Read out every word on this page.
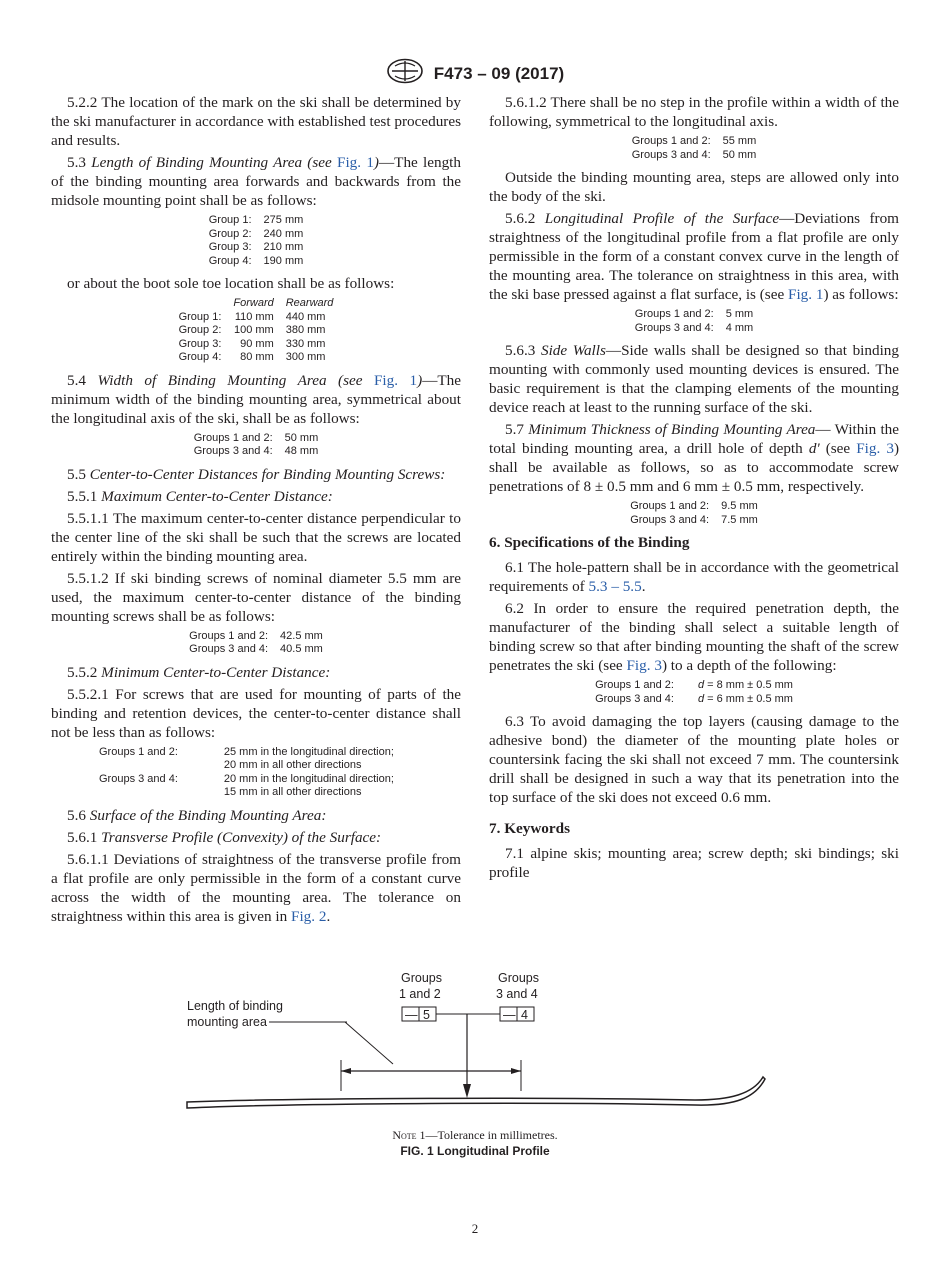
F473 – 09 (2017)

5.2.2 The location of the mark on the ski shall be determined by the ski manufacturer in accordance with established test procedures and results.

5.3 Length of Binding Mounting Area (see Fig. 1)—The length of the binding mounting area forwards and backwards from the midsole mounting point shall be as follows:

Group 1:	275 mm
Group 2:	240 mm
Group 3:	210 mm
Group 4:	190 mm

or about the boot sole toe location shall be as follows:

	Forward	Rearward
Group 1:	110 mm	440 mm
Group 2:	100 mm	380 mm
Group 3:	90 mm	330 mm
Group 4:	80 mm	300 mm

5.4 Width of Binding Mounting Area (see Fig. 1)—The minimum width of the binding mounting area, symmetrical about the longitudinal axis of the ski, shall be as follows:

Groups 1 and 2:	50 mm
Groups 3 and 4:	48 mm

5.5 Center-to-Center Distances for Binding Mounting Screws:

5.5.1 Maximum Center-to-Center Distance:

5.5.1.1 The maximum center-to-center distance perpendicular to the center line of the ski shall be such that the screws are located entirely within the binding mounting area.

5.5.1.2 If ski binding screws of nominal diameter 5.5 mm are used, the maximum center-to-center distance of the binding mounting screws shall be as follows:

Groups 1 and 2:	42.5 mm
Groups 3 and 4:	40.5 mm

5.5.2 Minimum Center-to-Center Distance:

5.5.2.1 For screws that are used for mounting of parts of the binding and retention devices, the center-to-center distance shall not be less than as follows:

Groups 1 and 2:	25 mm in the longitudinal direction;
	20 mm in all other directions
Groups 3 and 4:	20 mm in the longitudinal direction;
	15 mm in all other directions

5.6 Surface of the Binding Mounting Area:

5.6.1 Transverse Profile (Convexity) of the Surface:

5.6.1.1 Deviations of straightness of the transverse profile from a flat profile are only permissible in the form of a constant curve across the width of the mounting area. The tolerance on straightness within this area is given in Fig. 2.

5.6.1.2 There shall be no step in the profile within a width of the following, symmetrical to the longitudinal axis.

Groups 1 and 2:	55 mm
Groups 3 and 4:	50 mm

Outside the binding mounting area, steps are allowed only into the body of the ski.

5.6.2 Longitudinal Profile of the Surface—Deviations from straightness of the longitudinal profile from a flat profile are only permissible in the form of a constant convex curve in the length of the mounting area. The tolerance on straightness in this area, with the ski base pressed against a flat surface, is (see Fig. 1) as follows:

Groups 1 and 2:	5 mm
Groups 3 and 4:	4 mm

5.6.3 Side Walls—Side walls shall be designed so that binding mounting with commonly used mounting devices is ensured. The basic requirement is that the clamping elements of the mounting device reach at least to the running surface of the ski.

5.7 Minimum Thickness of Binding Mounting Area— Within the total binding mounting area, a drill hole of depth d' (see Fig. 3) shall be available as follows, so as to accommodate screw penetrations of 8 ± 0.5 mm and 6 mm ± 0.5 mm, respectively.

Groups 1 and 2:	9.5 mm
Groups 3 and 4:	7.5 mm

6. Specifications of the Binding

6.1 The hole-pattern shall be in accordance with the geometrical requirements of 5.3 – 5.5.

6.2 In order to ensure the required penetration depth, the manufacturer of the binding shall select a suitable length of binding screw so that after binding mounting the shaft of the screw penetrates the ski (see Fig. 3) to a depth of the following:

Groups 1 and 2:	d = 8 mm ± 0.5 mm
Groups 3 and 4:	d = 6 mm ± 0.5 mm

6.3 To avoid damaging the top layers (causing damage to the adhesive bond) the diameter of the mounting plate holes or countersink facing the ski shall not exceed 7 mm. The countersink drill shall be designed in such a way that its penetration into the top surface of the ski does not exceed 0.6 mm.

7. Keywords

7.1 alpine skis; mounting area; screw depth; ski bindings; ski profile

Length of binding
mounting area
Groups
1 and 2
Groups
3 and 4
— 5	— 4
Note 1—Tolerance in millimetres.
FIG. 1 Longitudinal Profile
2
